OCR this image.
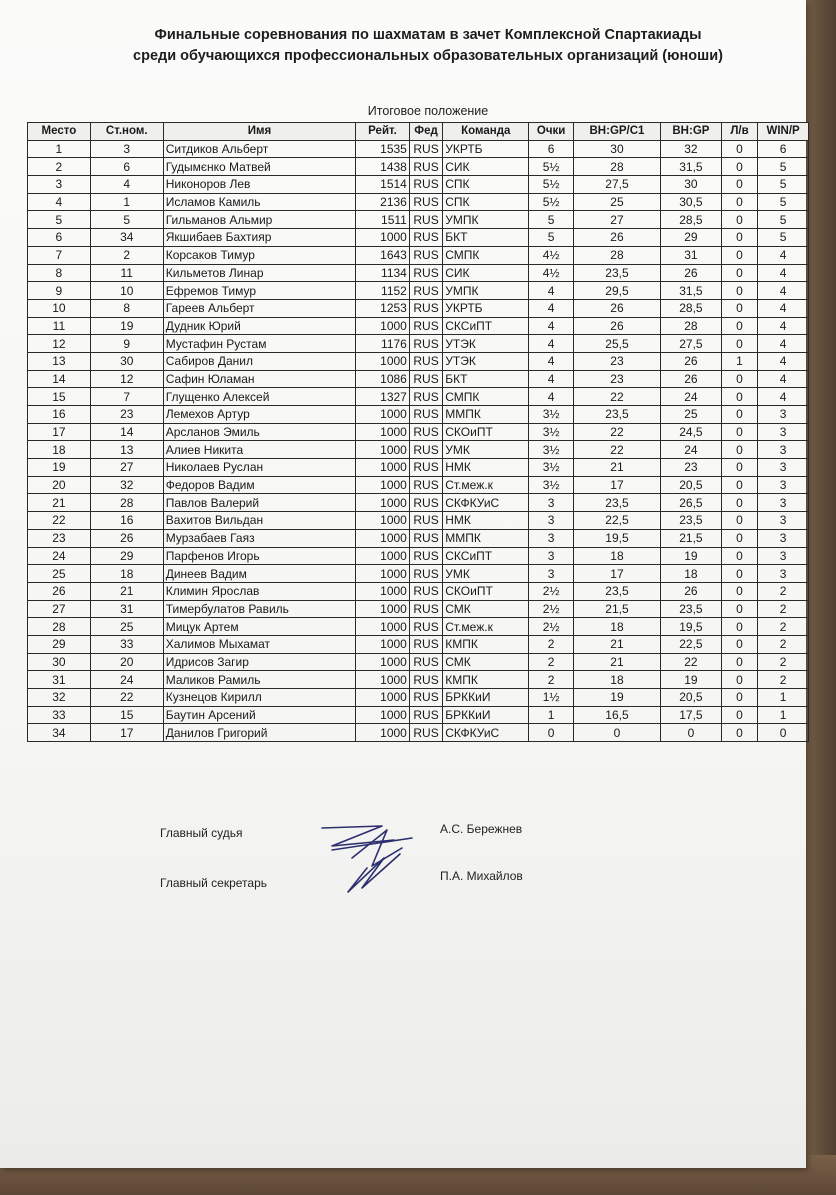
Финальные соревнования по шахматам в зачет Комплексной Спартакиады
среди обучающихся профессиональных образовательных организаций (юноши)
Итоговое положение
Место	Ст.ном.	Имя	Рейт.	Фед	Команда	Очки	BH:GP/C1	BH:GP	Л/в	WIN/P
1	3	Ситдиков Альберт	1535	RUS	УКРТБ	6	30	32	0	6
2	6	Гудымєнко Матвей	1438	RUS	СИК	5½	28	31,5	0	5
3	4	Никоноров Лев	1514	RUS	СПК	5½	27,5	30	0	5
4	1	Исламов Камиль	2136	RUS	СПК	5½	25	30,5	0	5
5	5	Гильманов Альмир	1511	RUS	УМПК	5	27	28,5	0	5
6	34	Якшибаев Бахтияр	1000	RUS	БКТ	5	26	29	0	5
7	2	Корсаков Тимур	1643	RUS	СМПК	4½	28	31	0	4
8	11	Кильметов Линар	1134	RUS	СИК	4½	23,5	26	0	4
9	10	Ефремов Тимур	1152	RUS	УМПК	4	29,5	31,5	0	4
10	8	Гареев Альберт	1253	RUS	УКРТБ	4	26	28,5	0	4
11	19	Дудник Юрий	1000	RUS	СКСиПТ	4	26	28	0	4
12	9	Мустафин Рустам	1176	RUS	УТЭК	4	25,5	27,5	0	4
13	30	Сабиров Данил	1000	RUS	УТЭК	4	23	26	1	4
14	12	Сафин Юламан	1086	RUS	БКТ	4	23	26	0	4
15	7	Глущенко Алексей	1327	RUS	СМПК	4	22	24	0	4
16	23	Лемехов Артур	1000	RUS	ММПК	3½	23,5	25	0	3
17	14	Арсланов Эмиль	1000	RUS	СКОиПТ	3½	22	24,5	0	3
18	13	Алиев Никита	1000	RUS	УМК	3½	22	24	0	3
19	27	Николаев Руслан	1000	RUS	НМК	3½	21	23	0	3
20	32	Федоров Вадим	1000	RUS	Ст.меж.к	3½	17	20,5	0	3
21	28	Павлов Валерий	1000	RUS	СКФКУиС	3	23,5	26,5	0	3
22	16	Вахитов Вильдан	1000	RUS	НМК	3	22,5	23,5	0	3
23	26	Мурзабаев Гаяз	1000	RUS	ММПК	3	19,5	21,5	0	3
24	29	Парфенов Игорь	1000	RUS	СКСиПТ	3	18	19	0	3
25	18	Динеев Вадим	1000	RUS	УМК	3	17	18	0	3
26	21	Климин Ярослав	1000	RUS	СКОиПТ	2½	23,5	26	0	2
27	31	Тимербулатов Равиль	1000	RUS	СМК	2½	21,5	23,5	0	2
28	25	Мицук Артем	1000	RUS	Ст.меж.к	2½	18	19,5	0	2
29	33	Халимов Мыхамат	1000	RUS	КМПК	2	21	22,5	0	2
30	20	Идрисов Загир	1000	RUS	СМК	2	21	22	0	2
31	24	Маликов Рамиль	1000	RUS	КМПК	2	18	19	0	2
32	22	Кузнецов Кирилл	1000	RUS	БРККиИ	1½	19	20,5	0	1
33	15	Баутин Арсений	1000	RUS	БРККиИ	1	16,5	17,5	0	1
34	17	Данилов Григорий	1000	RUS	СКФКУиС	0	0	0	0	0
Главный судья	А.С. Бережнев
Главный секретарь	П.А. Михайлов
